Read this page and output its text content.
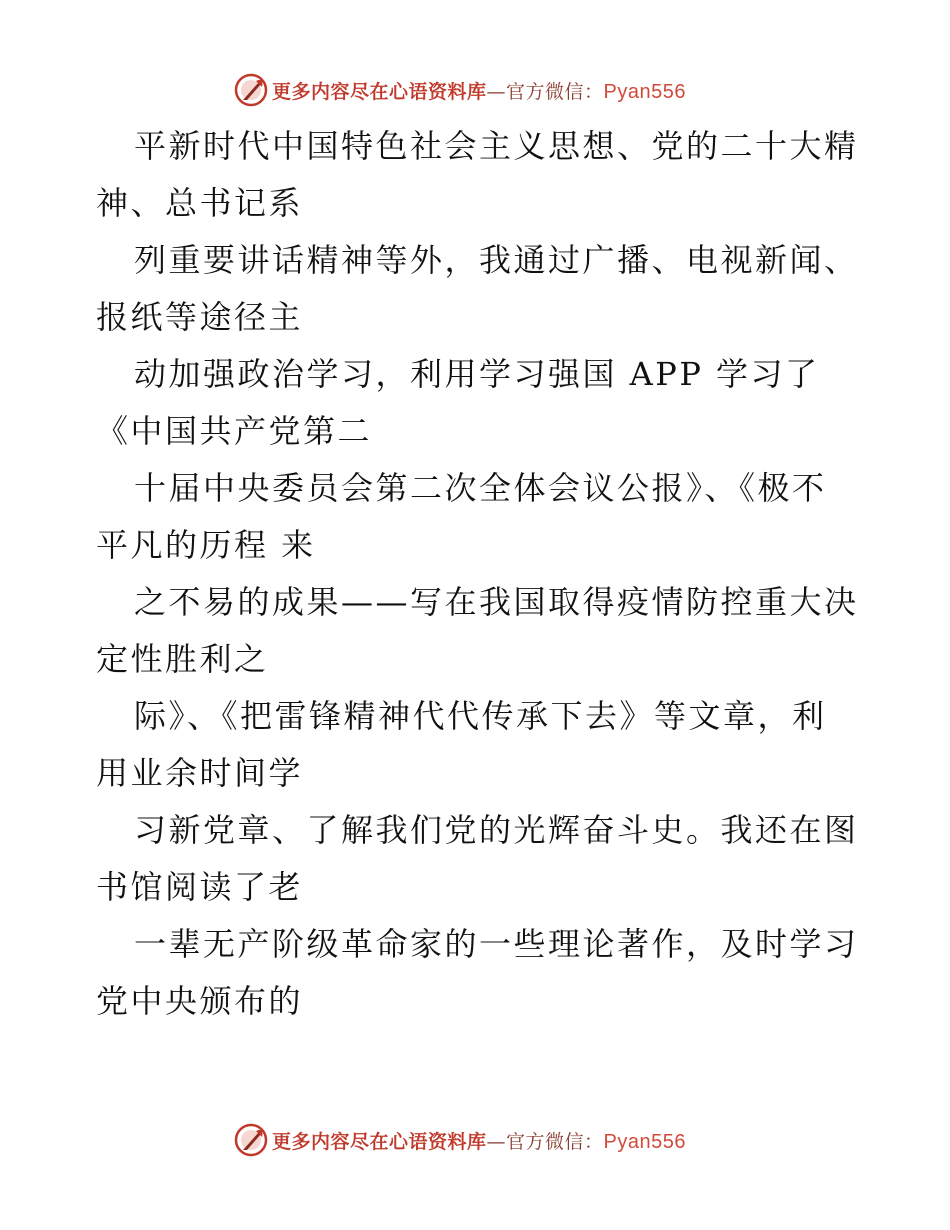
更多内容尽在心语资料库—官方微信：Pyan556
平新时代中国特色社会主义思想、党的二十大精
神、总书记系
列重要讲话精神等外，我通过广播、电视新闻、
报纸等途径主
动加强政治学习，利用学习强国 APP 学习了
《中国共产党第二
十届中央委员会第二次全体会议公报》、《极不
平凡的历程 来
之不易的成果——写在我国取得疫情防控重大决
定性胜利之
际》、《把雷锋精神代代传承下去》等文章，利
用业余时间学
习新党章、了解我们党的光辉奋斗史。我还在图
书馆阅读了老
一辈无产阶级革命家的一些理论著作，及时学习
党中央颁布的
更多内容尽在心语资料库—官方微信：Pyan556
